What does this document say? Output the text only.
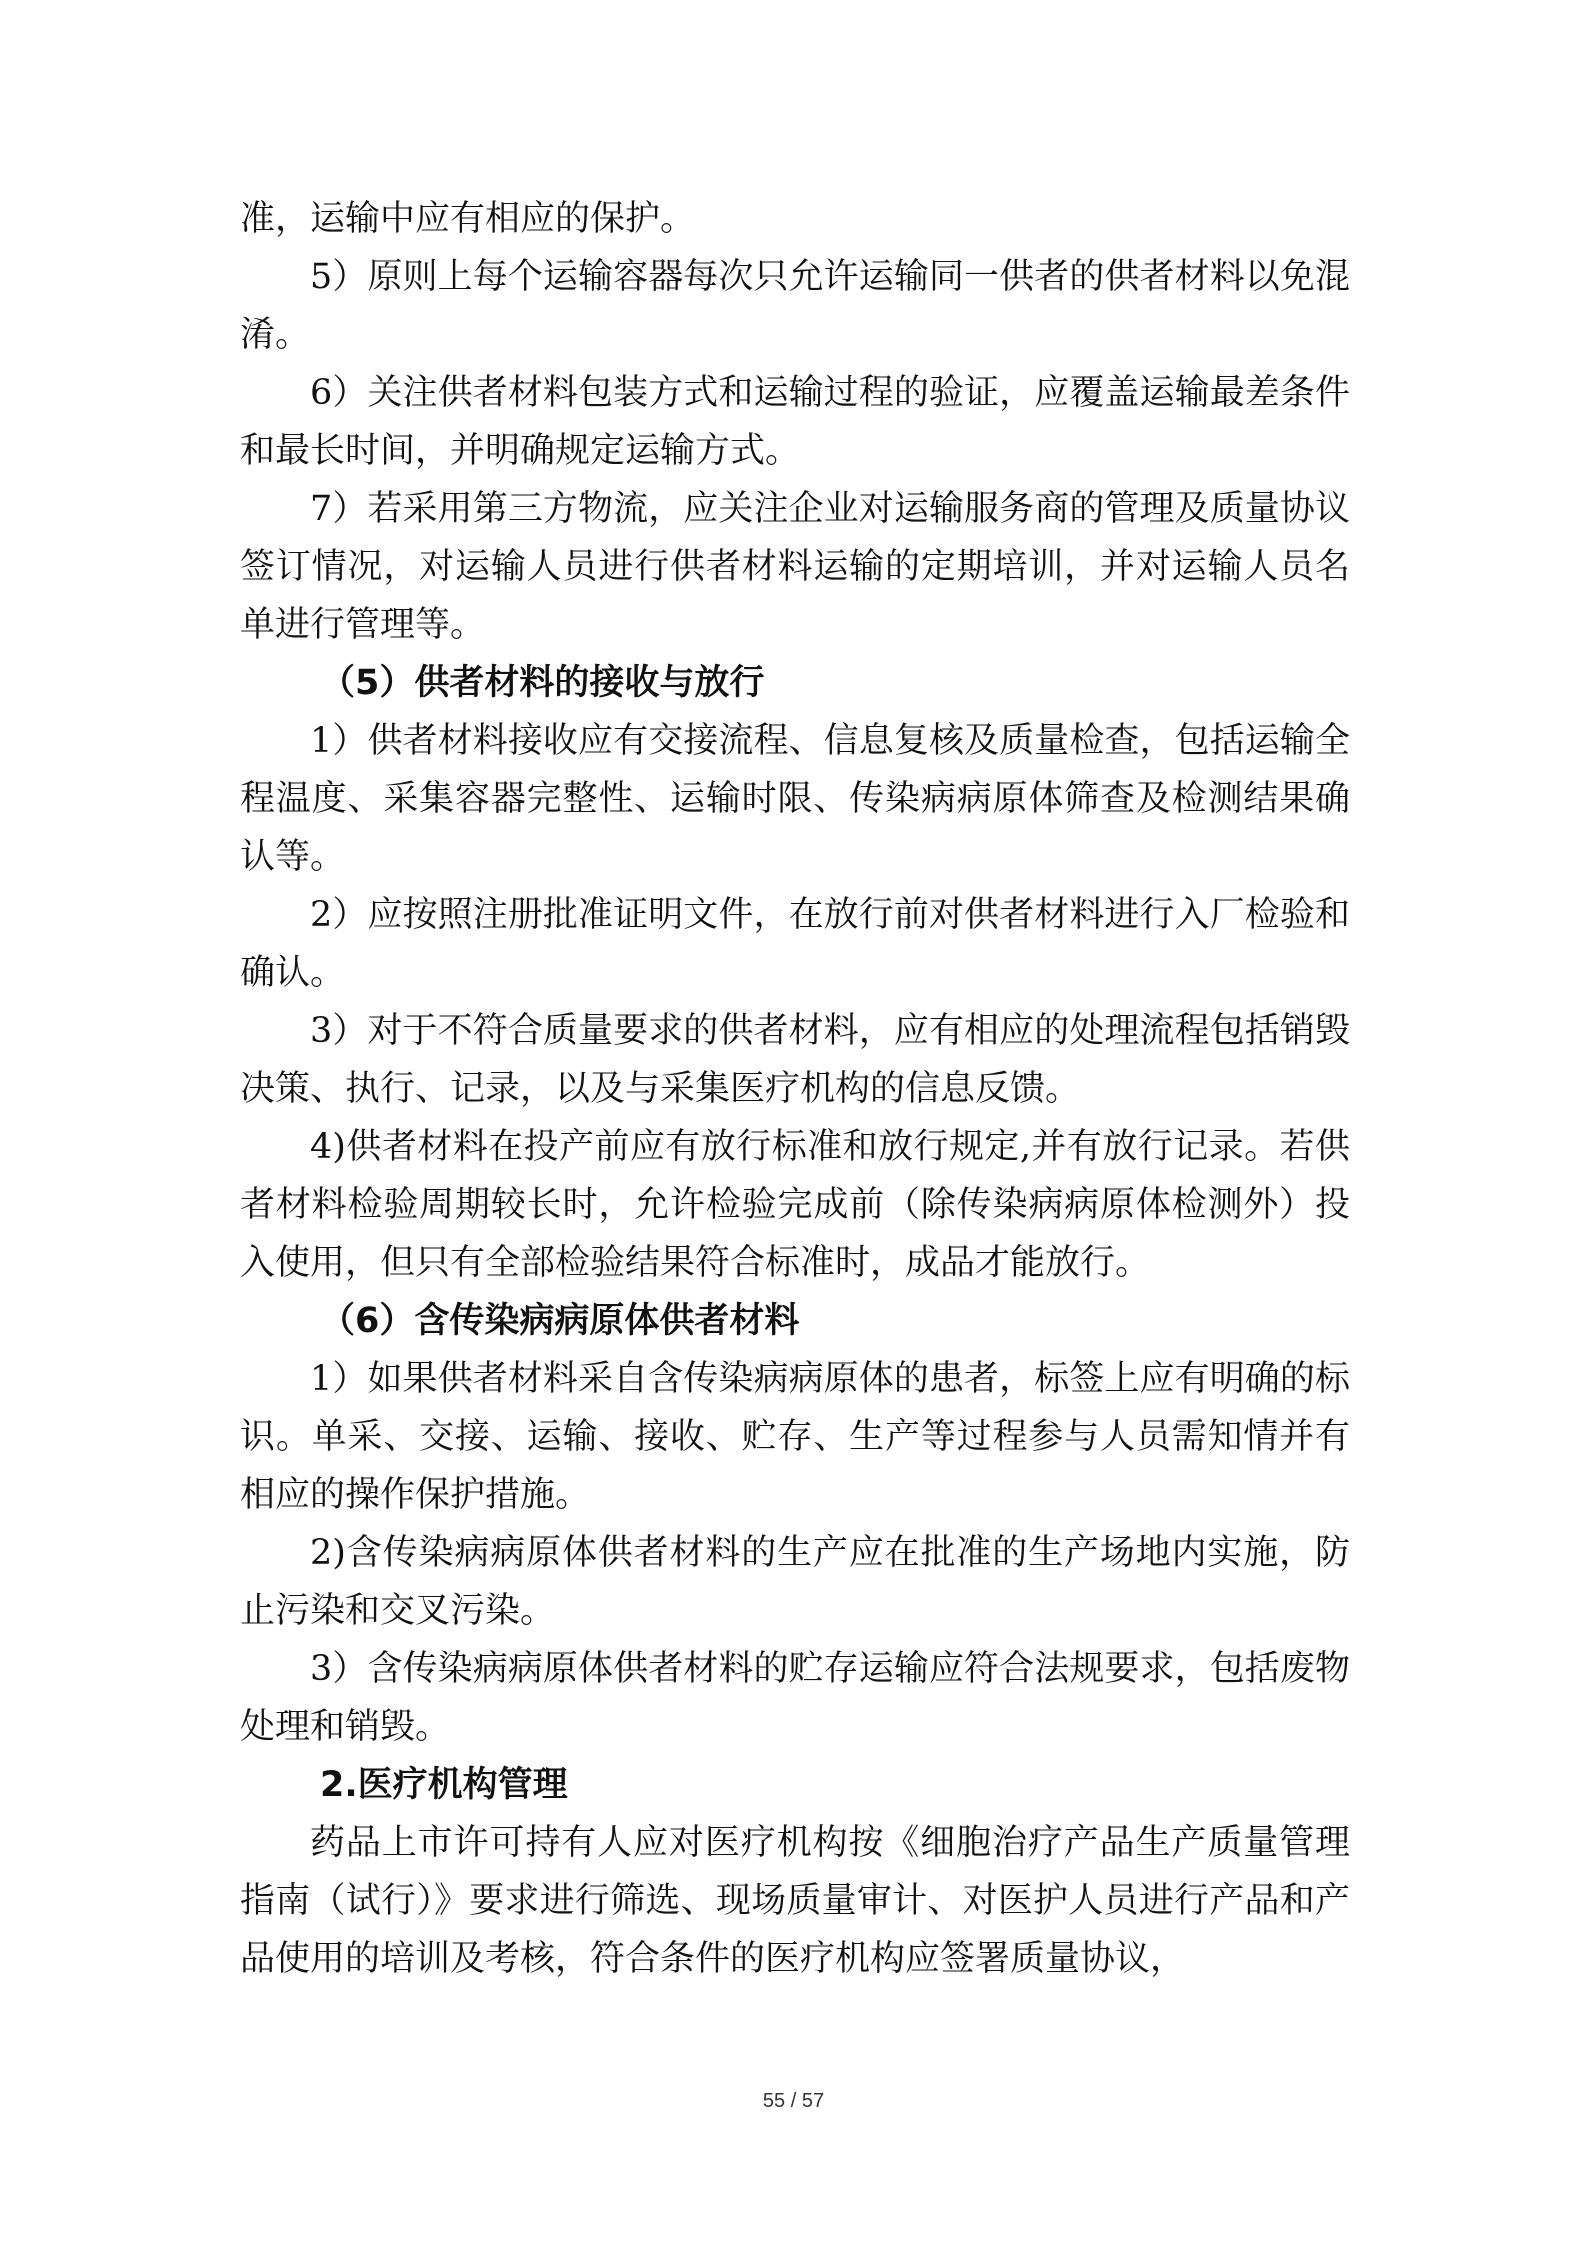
准，运输中应有相应的保护。

5）原则上每个运输容器每次只允许运输同一供者的供者材料以免混淆。

6）关注供者材料包装方式和运输过程的验证，应覆盖运输最差条件和最长时间，并明确规定运输方式。

7）若采用第三方物流，应关注企业对运输服务商的管理及质量协议签订情况，对运输人员进行供者材料运输的定期培训，并对运输人员名单进行管理等。

（5）供者材料的接收与放行

1）供者材料接收应有交接流程、信息复核及质量检查，包括运输全程温度、采集容器完整性、运输时限、传染病病原体筛查及检测结果确认等。

2）应按照注册批准证明文件，在放行前对供者材料进行入厂检验和确认。

3）对于不符合质量要求的供者材料，应有相应的处理流程包括销毁决策、执行、记录，以及与采集医疗机构的信息反馈。

4)供者材料在投产前应有放行标准和放行规定,并有放行记录。若供者材料检验周期较长时，允许检验完成前（除传染病病原体检测外）投入使用，但只有全部检验结果符合标准时，成品才能放行。

（6）含传染病病原体供者材料

1）如果供者材料采自含传染病病原体的患者，标签上应有明确的标识。单采、交接、运输、接收、贮存、生产等过程参与人员需知情并有相应的操作保护措施。

2)含传染病病原体供者材料的生产应在批准的生产场地内实施，防止污染和交叉污染。

3）含传染病病原体供者材料的贮存运输应符合法规要求，包括废物处理和销毁。

2.医疗机构管理

药品上市许可持有人应对医疗机构按《细胞治疗产品生产质量管理指南（试行）》要求进行筛选、现场质量审计、对医护人员进行产品和产品使用的培训及考核，符合条件的医疗机构应签署质量协议，

55 / 57
